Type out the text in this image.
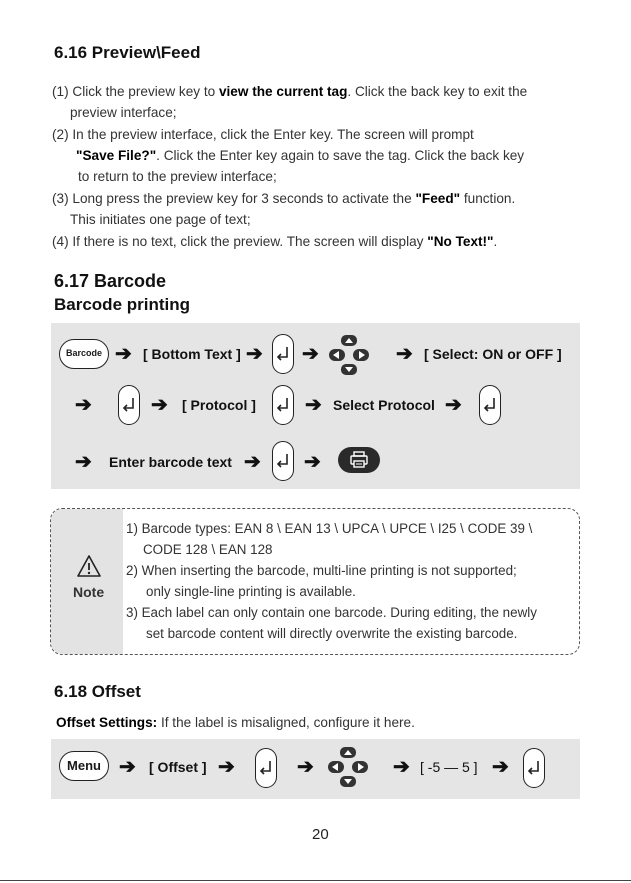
6.16 Preview\Feed
(1) Click the preview key to view the current tag. Click the back key to exit the
preview interface;
(2) In the preview interface, click the Enter key. The screen will prompt
"Save File?". Click the Enter key again to save the tag. Click the back key
to return to the preview interface;
(3) Long press the preview key for 3 seconds to activate the "Feed" function.
This initiates one page of text;
(4) If there is no text, click the preview. The screen will display "No Text!".
6.17 Barcode
Barcode printing
Barcode ➔ [ Bottom Text ] ➔ ➔	➔ [ Select: ON or OFF ]
➔	➔ [ Protocol ] ➔ Select Protocol ➔
➔ Enter barcode text ➔ ➔
Note
1) Barcode types: EAN 8 \ EAN 13 \ UPCA \ UPCE \ I25 \ CODE 39 \
CODE 128 \ EAN 128
2) When inserting the barcode, multi-line printing is not supported;
only single-line printing is available.
3) Each label can only contain one barcode. During editing, the newly
set barcode content will directly overwrite the existing barcode.
6.18 Offset
Offset Settings: If the label is misaligned, configure it here.
Menu ➔ [ Offset ] ➔	➔	➔ [ -5 — 5 ] ➔
20
